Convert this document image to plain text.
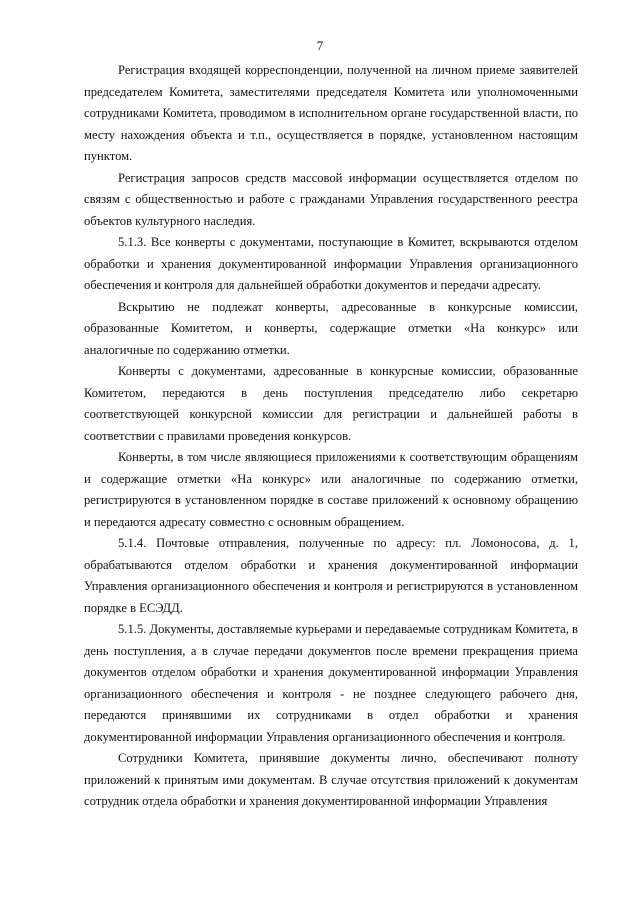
7

Регистрация входящей корреспонденции, полученной на личном приеме заявителей председателем Комитета, заместителями председателя Комитета или уполномоченными сотрудниками Комитета, проводимом в исполнительном органе государственной власти, по месту нахождения объекта и т.п., осуществляется в порядке, установленном настоящим пунктом.

Регистрация запросов средств массовой информации осуществляется отделом по связям с общественностью и работе с гражданами Управления государственного реестра объектов культурного наследия.

5.1.3. Все конверты с документами, поступающие в Комитет, вскрываются отделом обработки и хранения документированной информации Управления организационного обеспечения и контроля для дальнейшей обработки документов и передачи адресату.

Вскрытию не подлежат конверты, адресованные в конкурсные комиссии, образованные Комитетом, и конверты, содержащие отметки «На конкурс» или аналогичные по содержанию отметки.

Конверты с документами, адресованные в конкурсные комиссии, образованные Комитетом, передаются в день поступления председателю либо секретарю соответствующей конкурсной комиссии для регистрации и дальнейшей работы в соответствии с правилами проведения конкурсов.

Конверты, в том числе являющиеся приложениями к соответствующим обращениям и содержащие отметки «На конкурс» или аналогичные по содержанию отметки, регистрируются в установленном порядке в составе приложений к основному обращению и передаются адресату совместно с основным обращением.

5.1.4. Почтовые отправления, полученные по адресу: пл. Ломоносова, д. 1, обрабатываются отделом обработки и хранения документированной информации Управления организационного обеспечения и контроля и регистрируются в установленном порядке в ЕСЭДД.

5.1.5. Документы, доставляемые курьерами и передаваемые сотрудникам Комитета, в день поступления, а в случае передачи документов после времени прекращения приема документов отделом обработки и хранения документированной информации Управления организационного обеспечения и контроля - не позднее следующего рабочего дня, передаются принявшими их сотрудниками в отдел обработки и хранения документированной информации Управления организационного обеспечения и контроля.

Сотрудники Комитета, принявшие документы лично, обеспечивают полноту приложений к принятым ими документам. В случае отсутствия приложений к документам сотрудник отдела обработки и хранения документированной информации Управления
